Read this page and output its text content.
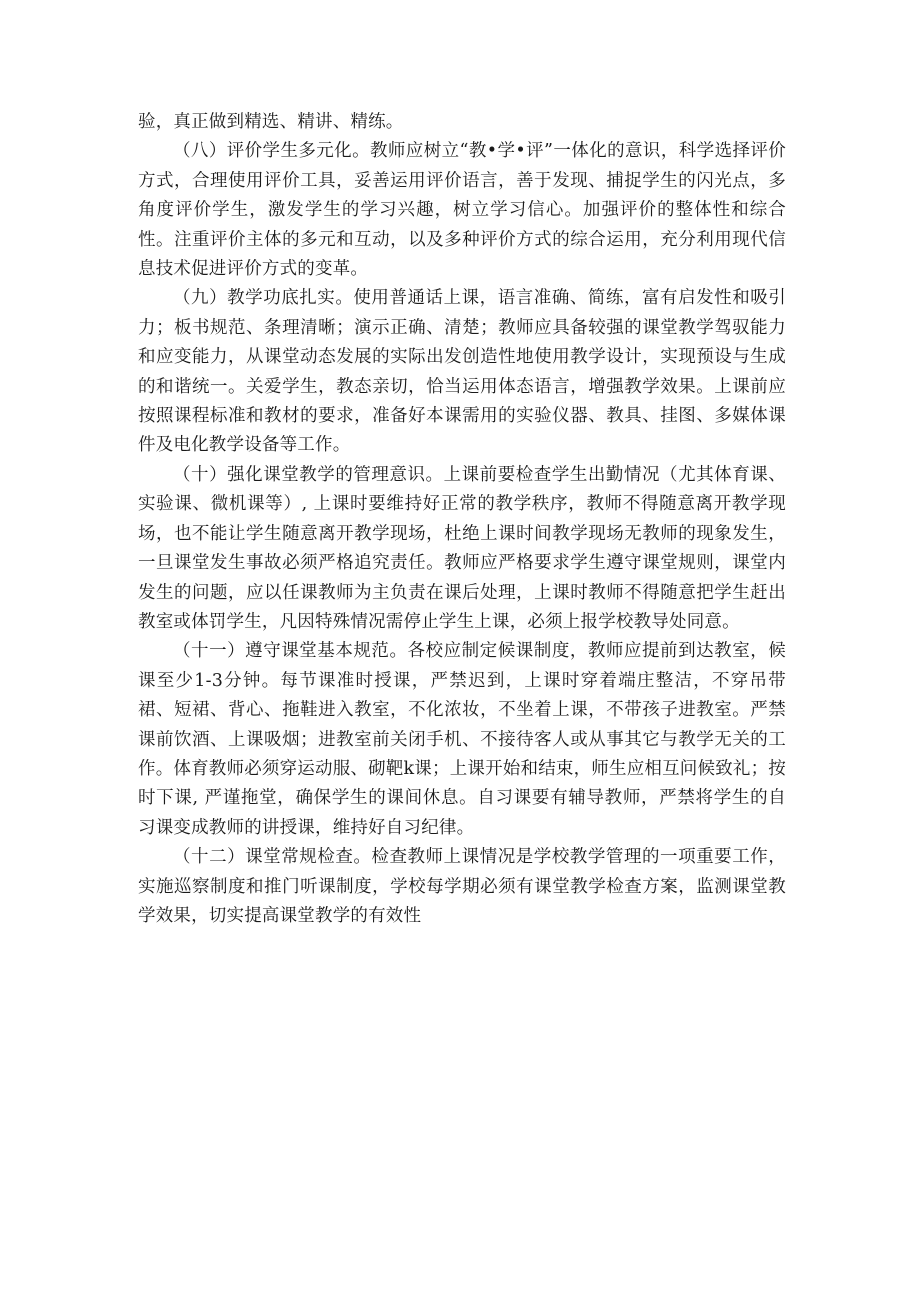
验，真正做到精选、精讲、精练。

（八）评价学生多元化。教师应树立“教•学•评”一体化的意识，科学选择评价方式，合理使用评价工具，妥善运用评价语言，善于发现、捕捉学生的闪光点，多角度评价学生，激发学生的学习兴趣，树立学习信心。加强评价的整体性和综合性。注重评价主体的多元和互动，以及多种评价方式的综合运用，充分利用现代信息技术促进评价方式的变革。

（九）教学功底扎实。使用普通话上课，语言准确、简练，富有启发性和吸引力；板书规范、条理清晰；演示正确、清楚；教师应具备较强的课堂教学驾驭能力和应变能力，从课堂动态发展的实际出发创造性地使用教学设计，实现预设与生成的和谐统一。关爱学生，教态亲切，恰当运用体态语言，增强教学效果。上课前应按照课程标准和教材的要求，准备好本课需用的实验仪器、教具、挂图、多媒体课件及电化教学设备等工作。

（十）强化课堂教学的管理意识。上课前要检查学生出勤情况（尤其体育课、实验课、微机课等）, 上课时要维持好正常的教学秩序，教师不得随意离开教学现场，也不能让学生随意离开教学现场，杜绝上课时间教学现场无教师的现象发生，一旦课堂发生事故必须严格追究责任。教师应严格要求学生遵守课堂规则，课堂内发生的问题，应以任课教师为主负责在课后处理，上课时教师不得随意把学生赶出教室或体罚学生，凡因特殊情况需停止学生上课，必须上报学校教导处同意。

（十一）遵守课堂基本规范。各校应制定候课制度，教师应提前到达教室，候课至少1-3分钟。每节课准时授课，严禁迟到，上课时穿着端庄整洁，不穿吊带裙、短裙、背心、拖鞋进入教室，不化浓妆，不坐着上课，不带孩子进教室。严禁课前饮酒、上课吸烟；进教室前关闭手机、不接待客人或从事其它与教学无关的工作。体育教师必须穿运动服、砌靶k课；上课开始和结束，师生应相互问候致礼；按时下课, 严谨拖堂，确保学生的课间休息。自习课要有辅导教师，严禁将学生的自习课变成教师的讲授课，维持好自习纪律。

（十二）课堂常规检查。检查教师上课情况是学校教学管理的一项重要工作，实施巡察制度和推门听课制度，学校每学期必须有课堂教学检查方案，监测课堂教学效果，切实提高课堂教学的有效性
